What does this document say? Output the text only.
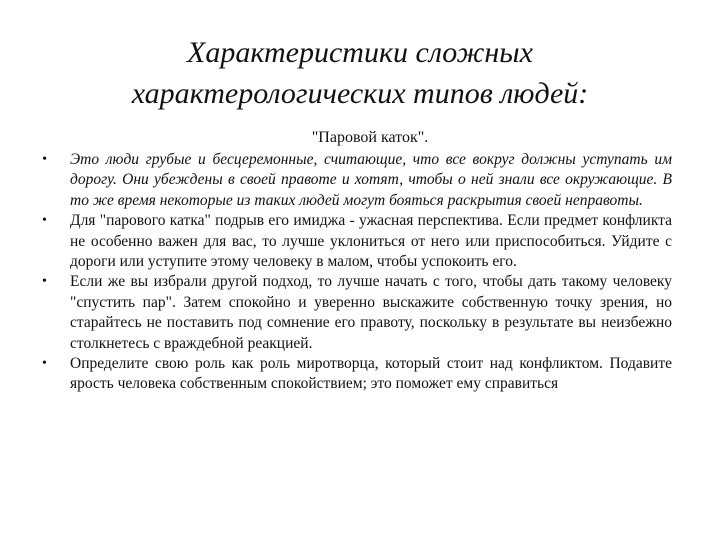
Характеристики сложных
характерологических типов людей:
"Паровой каток".
• Это люди грубые и бесцеремонные, считающие, что все вокруг должны уступать им дорогу. Они убеждены в своей правоте и хотят, чтобы о ней знали все окружающие. В то же время некоторые из таких людей могут бояться раскрытия своей неправоты.
• Для "парового катка" подрыв его имиджа - ужасная перспектива. Если предмет конфликта не особенно важен для вас, то лучше уклониться от него или приспособиться. Уйдите с дороги или уступите этому человеку в малом, чтобы успокоить его.
• Если же вы избрали другой подход, то лучше начать с того, чтобы дать такому человеку "спустить пар". Затем спокойно и уверенно выскажите собственную точку зрения, но старайтесь не поставить под сомнение его правоту, поскольку в результате вы неизбежно столкнетесь с враждебной реакцией.
• Определите свою роль как роль миротворца, который стоит над конфликтом. Подавите ярость человека собственным спокойствием; это поможет ему справиться
